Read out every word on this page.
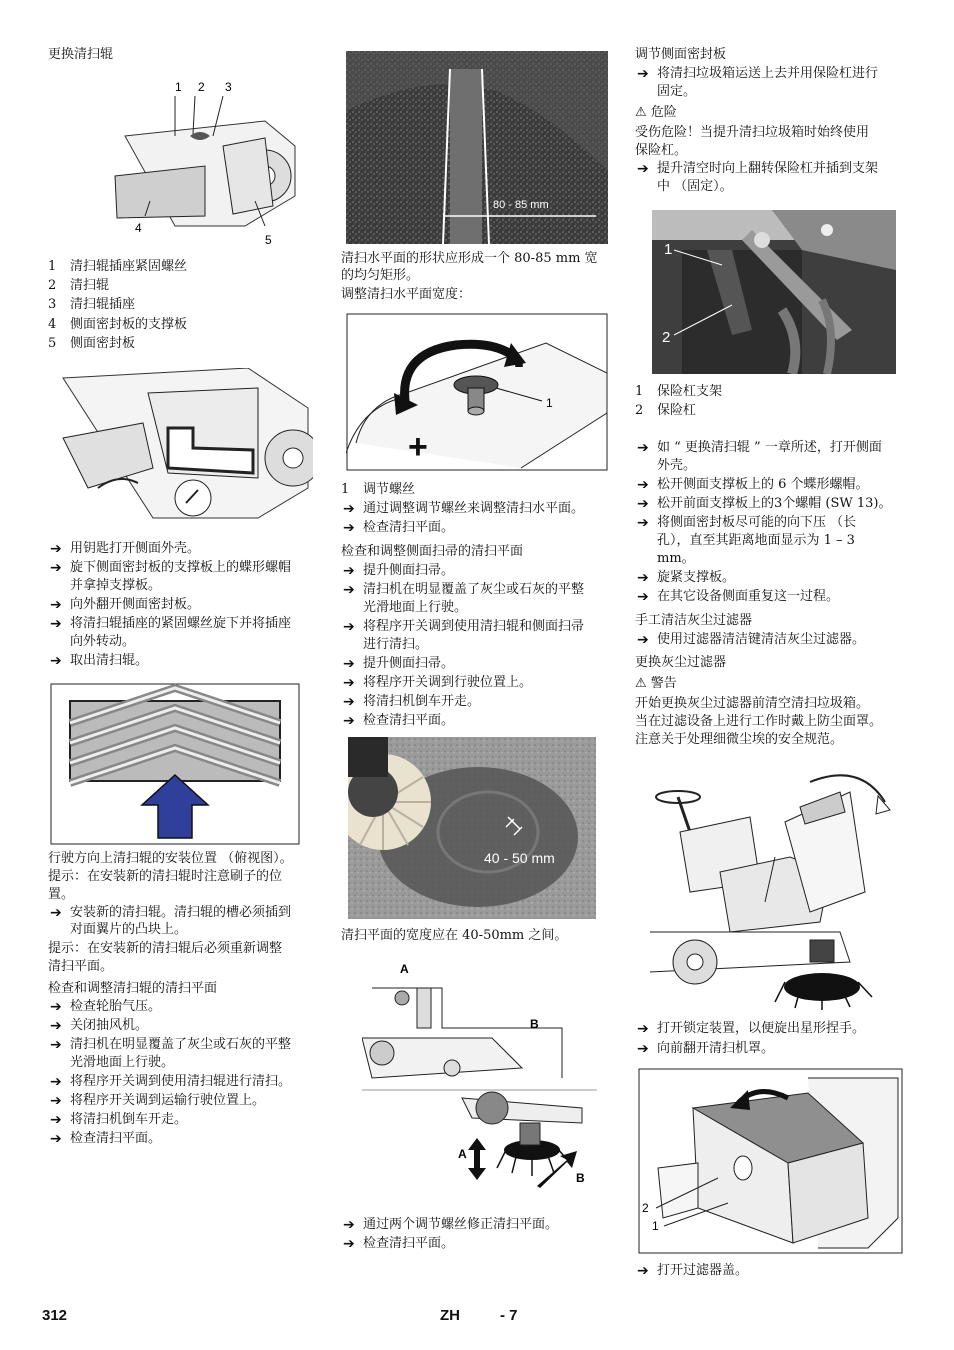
更换清扫辊
1 2 3
4
5
1 清扫辊插座紧固螺丝
2 清扫辊
3 清扫辊插座
4 侧面密封板的支撑板
5 侧面密封板
➔ 用钥匙打开侧面外壳。
➔ 旋下侧面密封板的支撑板上的蝶形螺帽
并拿掉支撑板。
➔ 向外翻开侧面密封板。
➔ 将清扫辊插座的紧固螺丝旋下并将插座
向外转动。
➔ 取出清扫辊。
行驶方向上清扫辊的安装位置 （俯视图）。
提示：在安装新的清扫辊时注意刷子的位
置。
➔ 安装新的清扫辊。清扫辊的槽必须插到
对面翼片的凸块上。
提示：在安装新的清扫辊后必须重新调整
清扫平面。
检查和调整清扫辊的清扫平面
➔ 检查轮胎气压。
➔ 关闭抽风机。
➔ 清扫机在明显覆盖了灰尘或石灰的平整
光滑地面上行驶。
➔ 将程序开关调到使用清扫辊进行清扫。
➔ 将程序开关调到运输行驶位置上。
➔ 将清扫机倒车开走。
➔ 检查清扫平面。
80 - 85 mm
清扫水平面的形状应形成一个 80-85 mm 宽
的均匀矩形。
调整清扫水平面宽度：
-
+
1
1 调节螺丝
➔ 通过调整调节螺丝来调整清扫水平面。
➔ 检查清扫平面。
检查和调整侧面扫帚的清扫平面
➔ 提升侧面扫帚。
➔ 清扫机在明显覆盖了灰尘或石灰的平整
光滑地面上行驶。
➔ 将程序开关调到使用清扫辊和侧面扫帚
进行清扫。
➔ 提升侧面扫帚。
➔ 将程序开关调到行驶位置上。
➔ 将清扫机倒车开走。
➔ 检查清扫平面。
40 - 50 mm
清扫平面的宽度应在 40-50mm 之间。
A
B
A
B
➔ 通过两个调节螺丝修正清扫平面。
➔ 检查清扫平面。
调节侧面密封板
➔ 将清扫垃圾箱运送上去并用保险杠进行
固定。
⚠ 危险
受伤危险！当提升清扫垃圾箱时始终使用
保险杠。
➔ 提升清空时向上翻转保险杠并插到支架
中 （固定）。
1
2
1 保险杠支架
2 保险杠
➔ 如 “ 更换清扫辊 ” 一章所述，打开侧面
外壳。
➔ 松开侧面支撑板上的 6 个蝶形螺帽。
➔ 松开前面支撑板上的3个螺帽 (SW 13)。
➔ 将侧面密封板尽可能的向下压 （长
孔），直至其距离地面显示为 1 – 3
mm。
➔ 旋紧支撑板。
➔ 在其它设备侧面重复这一过程。
手工清洁灰尘过滤器
➔ 使用过滤器清洁键清洁灰尘过滤器。
更换灰尘过滤器
⚠ 警告
开始更换灰尘过滤器前清空清扫垃圾箱。
当在过滤设备上进行工作时戴上防尘面罩。
注意关于处理细微尘埃的安全规范。
➔ 打开锁定装置，以便旋出星形捏手。
➔ 向前翻开清扫机罩。
2
1
➔ 打开过滤器盖。
312	ZH	- 7
